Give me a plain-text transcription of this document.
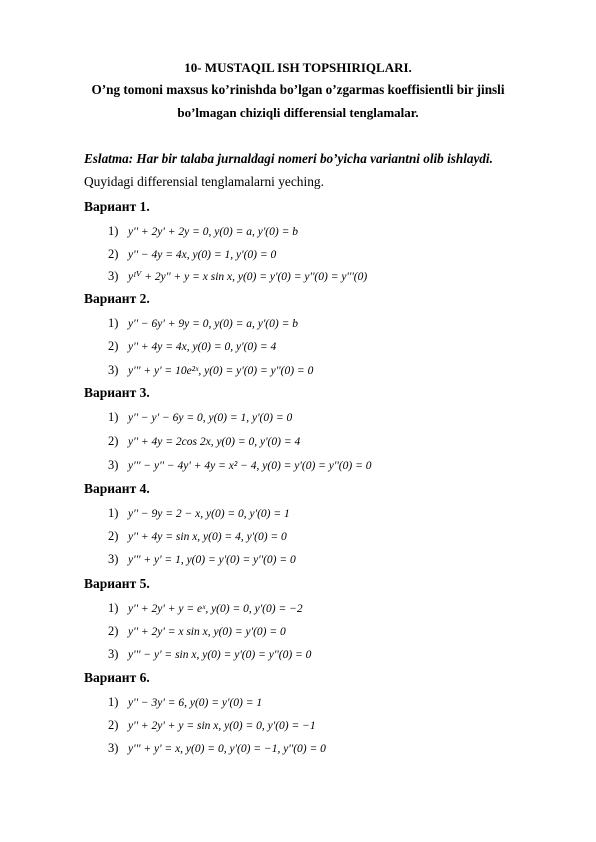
10- MUSTAQIL ISH TOPSHIRIQLARI.
O’ng tomoni maxsus ko’rinishda bo’lgan o’zgarmas koeffisientli bir jinsli
bo’lmagan chiziqli differensial tenglamalar.
Eslatma: Har bir talaba jurnaldagi nomeri bo’yicha variantni olib ishlaydi.
Quyidagi differensial tenglamalarni yeching.
Вариант 1.
1) y'' + 2y' + 2y = 0, y(0) = a, y'(0) = b
2) y'' − 4y = 4x, y(0) = 1, y'(0) = 0
3) yᴵⱽ + 2y'' + y = x sin x, y(0) = y'(0) = y''(0) = y'''(0)
Вариант 2.
1) y'' − 6y' + 9y = 0, y(0) = a, y'(0) = b
2) y'' + 4y = 4x, y(0) = 0, y'(0) = 4
3) y''' + y' = 10e²ˣ, y(0) = y'(0) = y''(0) = 0
Вариант 3.
1) y'' − y' − 6y = 0, y(0) = 1, y'(0) = 0
2) y'' + 4y = 2cos 2x, y(0) = 0, y'(0) = 4
3) y''' − y'' − 4y' + 4y = x² − 4, y(0) = y'(0) = y''(0) = 0
Вариант 4.
1) y'' − 9y = 2 − x, y(0) = 0, y'(0) = 1
2) y'' + 4y = sin x, y(0) = 4, y'(0) = 0
3) y''' + y' = 1, y(0) = y'(0) = y''(0) = 0
Вариант 5.
1) y'' + 2y' + y = eˣ, y(0) = 0, y'(0) = −2
2) y'' + 2y' = x sin x, y(0) = y'(0) = 0
3) y''' − y' = sin x, y(0) = y'(0) = y''(0) = 0
Вариант 6.
1) y'' − 3y' = 6, y(0) = y'(0) = 1
2) y'' + 2y' + y = sin x, y(0) = 0, y'(0) = −1
3) y''' + y' = x, y(0) = 0, y'(0) = −1, y''(0) = 0
